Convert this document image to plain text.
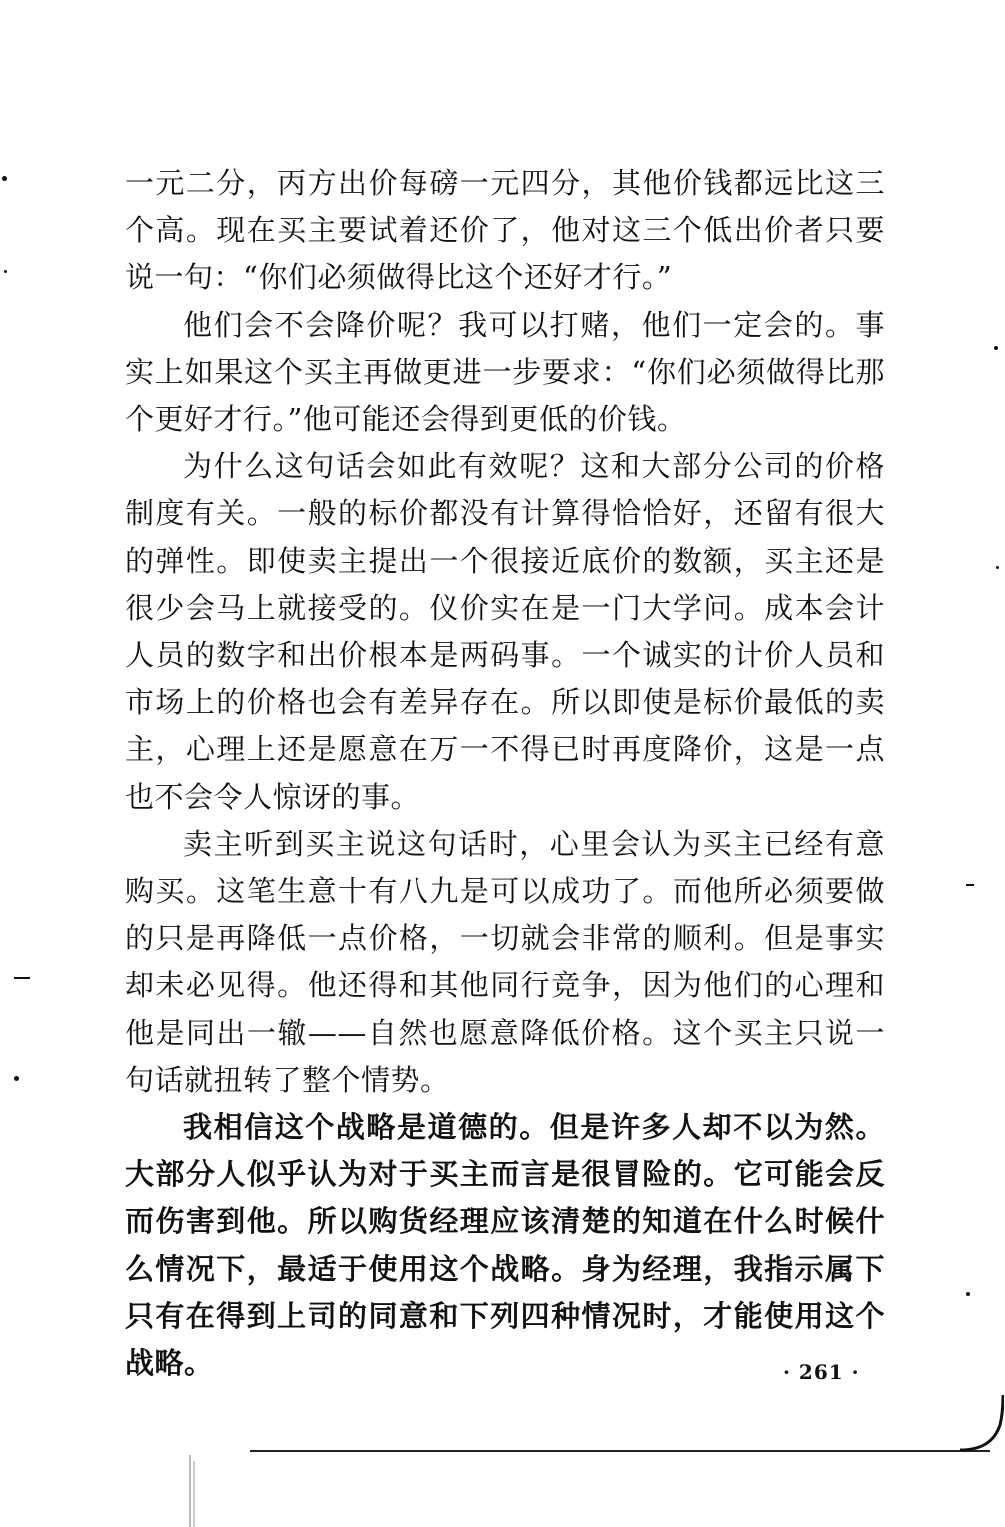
一元二分，丙方出价每磅一元四分，其他价钱都远比这三个高。现在买主要试着还价了，他对这三个低出价者只要说一句：“你们必须做得比这个还好才行。”

他们会不会降价呢？我可以打赌，他们一定会的。事实上如果这个买主再做更进一步要求：“你们必须做得比那个更好才行。”他可能还会得到更低的价钱。

为什么这句话会如此有效呢？这和大部分公司的价格制度有关。一般的标价都没有计算得恰恰好，还留有很大的弹性。即使卖主提出一个很接近底价的数额，买主还是很少会马上就接受的。仪价实在是一门大学问。成本会计人员的数字和出价根本是两码事。一个诚实的计价人员和市场上的价格也会有差异存在。所以即使是标价最低的卖主，心理上还是愿意在万一不得已时再度降价，这是一点也不会令人惊讶的事。

卖主听到买主说这句话时，心里会认为买主已经有意购买。这笔生意十有八九是可以成功了。而他所必须要做的只是再降低一点价格，一切就会非常的顺利。但是事实却未必见得。他还得和其他同行竞争，因为他们的心理和他是同出一辙——自然也愿意降低价格。这个买主只说一句话就扭转了整个情势。

我相信这个战略是道德的。但是许多人却不以为然。大部分人似乎认为对于买主而言是很冒险的。它可能会反而伤害到他。所以购货经理应该清楚的知道在什么时候什么情况下，最适于使用这个战略。身为经理，我指示属下只有在得到上司的同意和下列四种情况时，才能使用这个战略。	· 261 ·
